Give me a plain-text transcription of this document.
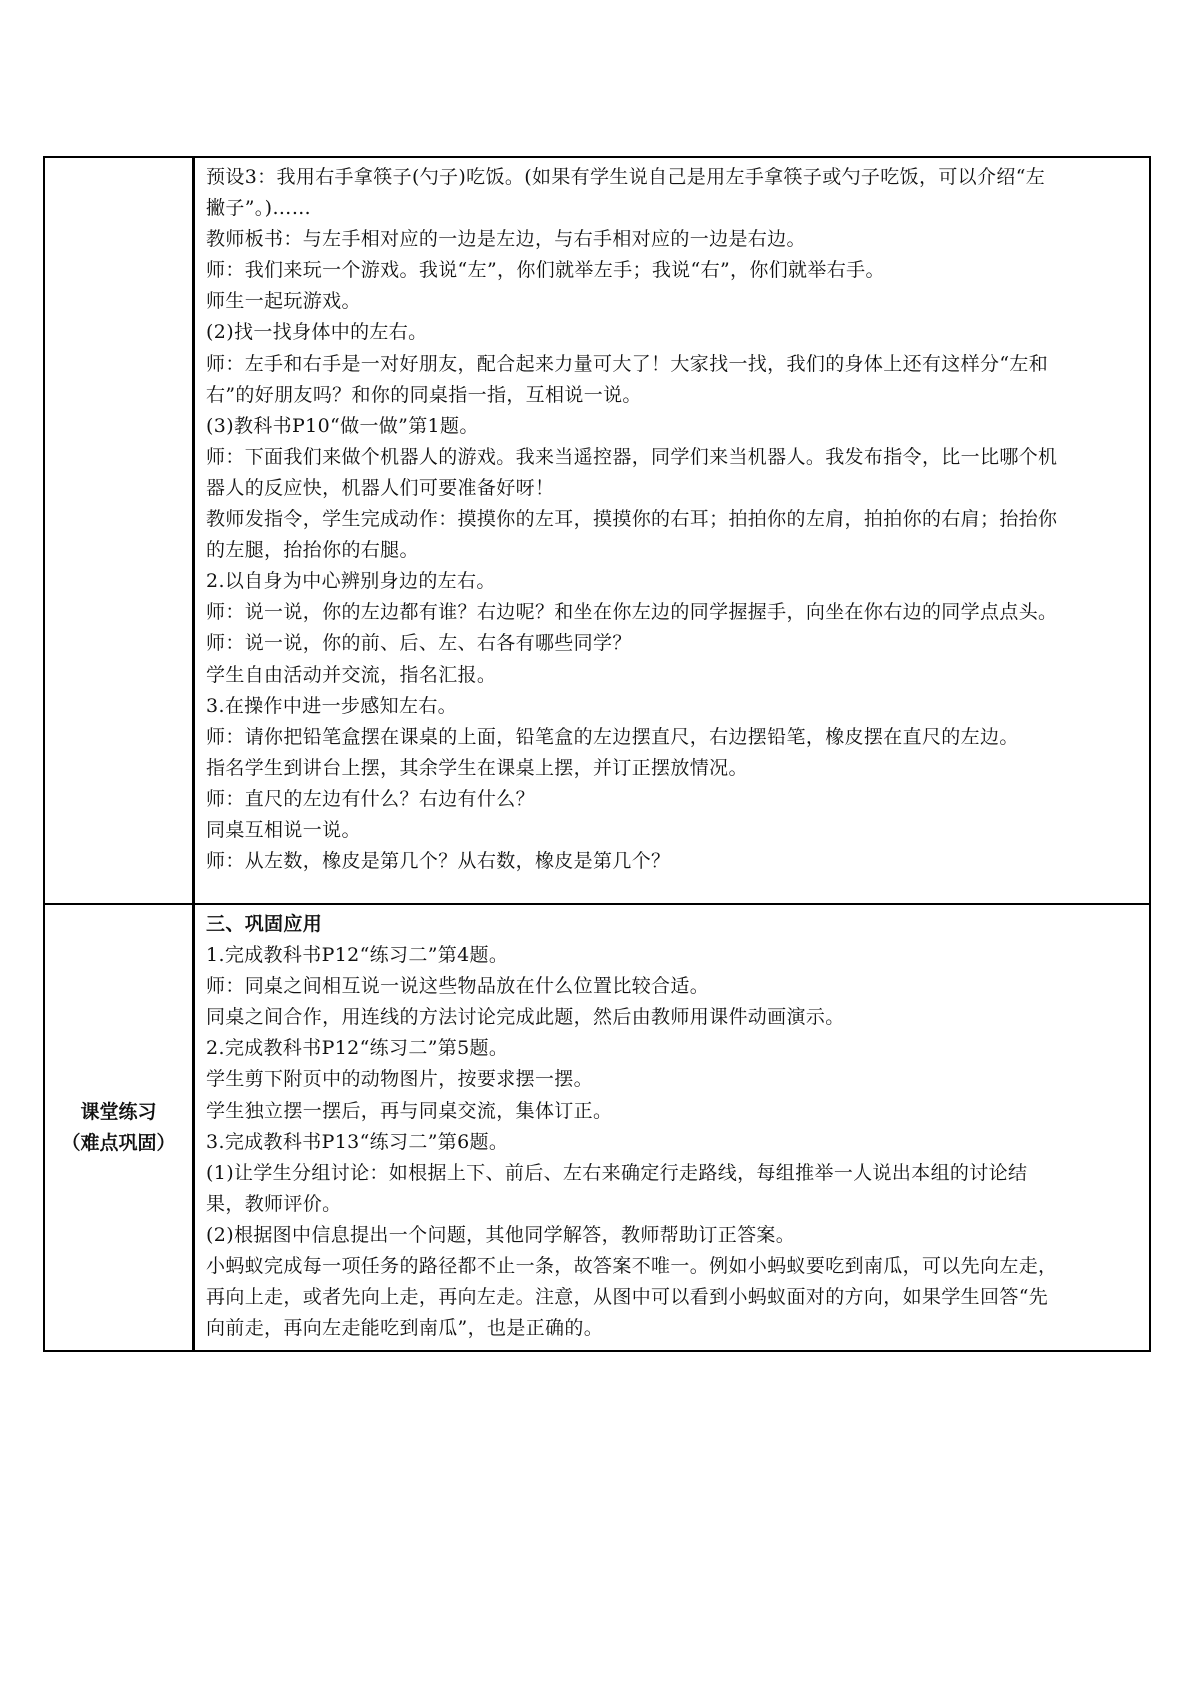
预设3：我用右手拿筷子(勺子)吃饭。(如果有学生说自己是用左手拿筷子或勺子吃饭，可以介绍“左
撇子”。)……
教师板书：与左手相对应的一边是左边，与右手相对应的一边是右边。
师：我们来玩一个游戏。我说“左”，你们就举左手；我说“右”，你们就举右手。
师生一起玩游戏。
(2)找一找身体中的左右。
师：左手和右手是一对好朋友，配合起来力量可大了！大家找一找，我们的身体上还有这样分“左和
右”的好朋友吗？和你的同桌指一指，互相说一说。
(3)教科书P10“做一做”第1题。
师：下面我们来做个机器人的游戏。我来当遥控器，同学们来当机器人。我发布指令，比一比哪个机
器人的反应快，机器人们可要准备好呀！
教师发指令，学生完成动作：摸摸你的左耳，摸摸你的右耳；拍拍你的左肩，拍拍你的右肩；抬抬你
的左腿，抬抬你的右腿。
2.以自身为中心辨别身边的左右。
师：说一说，你的左边都有谁？右边呢？和坐在你左边的同学握握手，向坐在你右边的同学点点头。
师：说一说，你的前、后、左、右各有哪些同学？
学生自由活动并交流，指名汇报。
3.在操作中进一步感知左右。
师：请你把铅笔盒摆在课桌的上面，铅笔盒的左边摆直尺，右边摆铅笔，橡皮摆在直尺的左边。
指名学生到讲台上摆，其余学生在课桌上摆，并订正摆放情况。
师：直尺的左边有什么？右边有什么？
同桌互相说一说。
师：从左数，橡皮是第几个？从右数，橡皮是第几个？
课堂练习
（难点巩固）
三、巩固应用
1.完成教科书P12“练习二”第4题。
师：同桌之间相互说一说这些物品放在什么位置比较合适。
同桌之间合作，用连线的方法讨论完成此题，然后由教师用课件动画演示。
2.完成教科书P12“练习二”第5题。
学生剪下附页中的动物图片，按要求摆一摆。
学生独立摆一摆后，再与同桌交流，集体订正。
3.完成教科书P13“练习二”第6题。
(1)让学生分组讨论：如根据上下、前后、左右来确定行走路线，每组推举一人说出本组的讨论结
果，教师评价。
(2)根据图中信息提出一个问题，其他同学解答，教师帮助订正答案。
小蚂蚁完成每一项任务的路径都不止一条，故答案不唯一。例如小蚂蚁要吃到南瓜，可以先向左走，
再向上走，或者先向上走，再向左走。注意，从图中可以看到小蚂蚁面对的方向，如果学生回答“先
向前走，再向左走能吃到南瓜”，也是正确的。
